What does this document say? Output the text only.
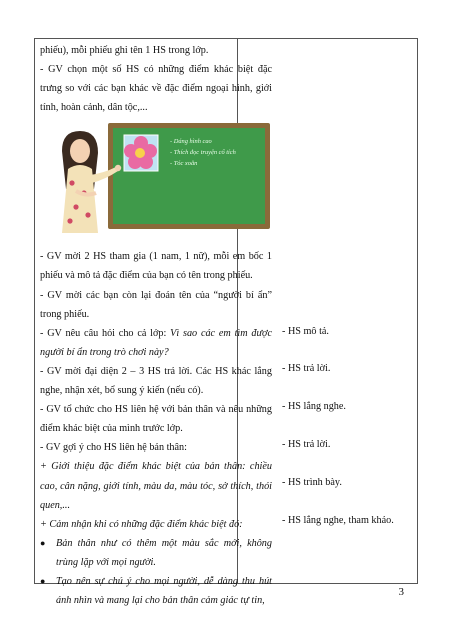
phiếu), mỗi phiếu ghi tên 1 HS trong lớp.

- GV chọn một số HS có những điểm khác biệt đặc trưng so với các bạn khác về đặc điểm ngoại hình, giới tính, hoàn cảnh, dân tộc,...

- Dáng hình cao
- Thích đọc truyện cổ tích
- Tóc xoăn

- GV mời 2 HS tham gia (1 nam, 1 nữ), mỗi em bốc 1 phiếu và mô tả đặc điểm của bạn có tên trong phiếu.

- GV mời các bạn còn lại đoán tên của “người bí ẩn” trong phiếu.

- GV nêu câu hỏi cho cả lớp: Vì sao các em tìm được người bí ẩn trong trò chơi này?

- GV mời đại diện 2 – 3 HS trả lời. Các HS khác lắng nghe, nhận xét, bổ sung ý kiến (nếu có).

- GV tổ chức cho HS liên hệ với bản thân và nêu những điểm khác biệt của mình trước lớp.

- GV gợi ý cho HS liên hệ bản thân:

+ Giới thiệu đặc điểm khác biệt của bản thân: chiều cao, cân nặng, giới tính, màu da, màu tóc, sở thích, thói quen,...

+ Cảm nhận khi có những đặc điểm khác biệt đó:

●	Bản thân như có thêm một màu sắc mới, không trùng lặp với mọi người.
●	Tạo nên sự chú ý cho mọi người, dễ dàng thu hút ánh nhìn và mang lại cho bản thân cảm giác tự tin,
- HS mô tả.
- HS trả lời.
- HS lắng nghe.
- HS trả lời.
- HS trình bày.
- HS lắng nghe, tham khảo.
3
